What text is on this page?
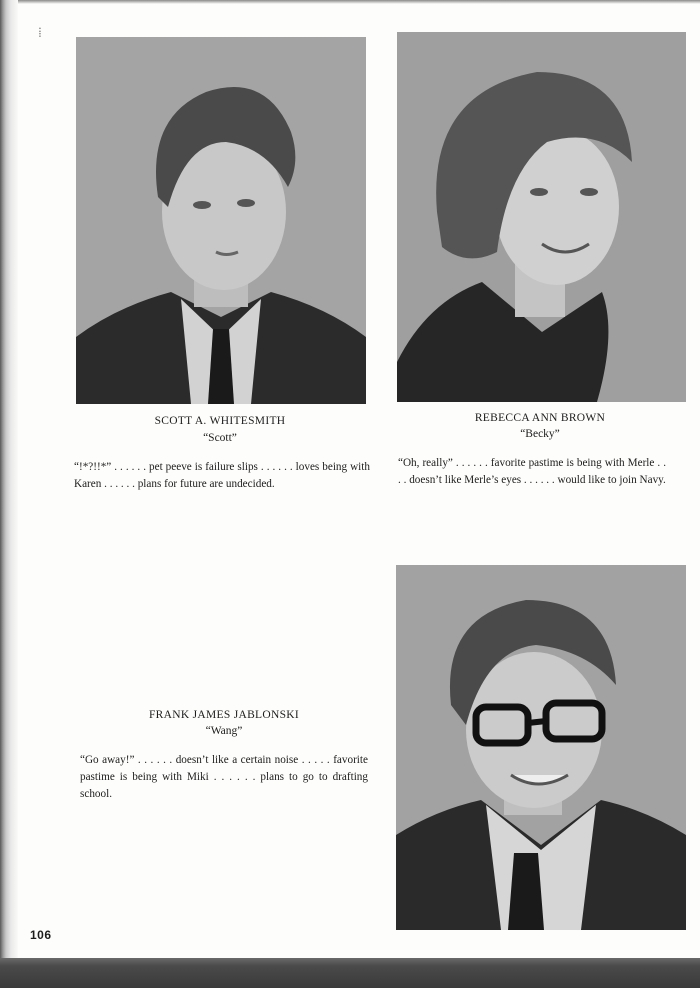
⁞
SCOTT A. WHITESMITH
“Scott”
“!*?!!*” . . . . . . pet peeve is failure slips . . . . . . loves being with Karen . . . . . . plans for future are undecided.
REBECCA ANN BROWN
“Becky”
“Oh, really” . . . . . . favorite pastime is being with Merle . . . . doesn’t like Merle’s eyes . . . . . . would like to join Navy.
FRANK JAMES JABLONSKI
“Wang”
“Go away!” . . . . . . doesn’t like a certain noise . . . . . favorite pastime is being with Miki . . . . . . plans to go to drafting school.
106
